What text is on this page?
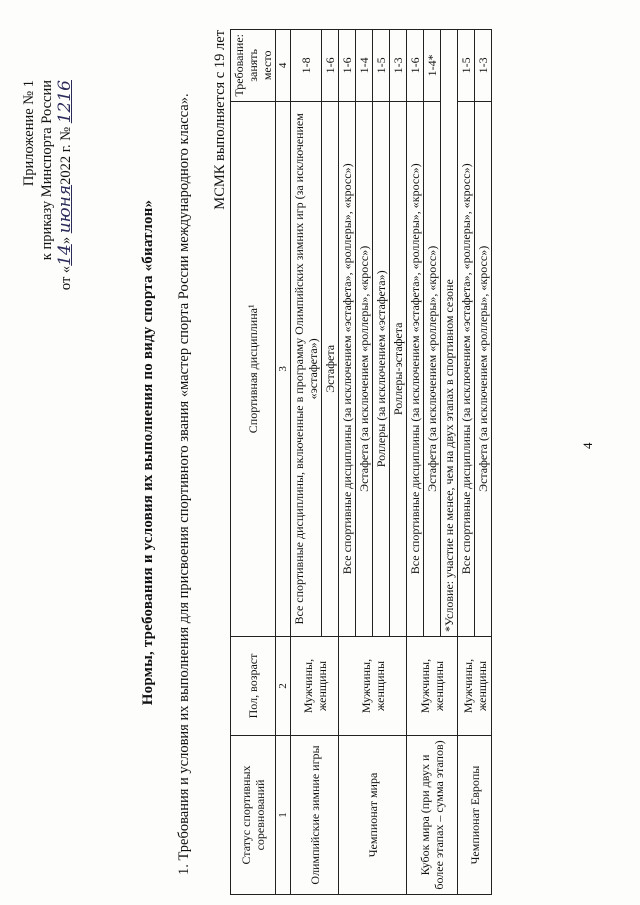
Приложение № 1 к приказу Минспорта России
от «14» июня2022 г. № 1216
4
Нормы, требования и условия их выполнения по виду спорта «биатлон» 1. Требования и условия их выполнения для присвоения спортивного звания «мастер спорта России международного класса». МСМК выполняется с 19 лет
Статус спортивных соревнований	Пол, возраст	Спортивная дисциплина¹	Требование: занять место
1	2	3	4
Олимпийские зимние игры	Мужчины, женщины	Все спортивные дисциплины, включенные в программу Олимпийских зимних игр (за исключением «эстафета»)	1-8
		Эстафета	1-6
Чемпионат мира	Мужчины, женщины	Все спортивные дисциплины (за исключением «эстафета», «роллеры», «кросс»)	1-6
		Эстафета (за исключением «роллеры», «кросс»)	1-4
		Роллеры (за исключением «эстафета»)	1-5
		Роллеры-эстафета	1-3
Кубок мира (при двух и более этапах – сумма этапов)	Мужчины, женщины	Все спортивные дисциплины (за исключением «эстафета», «роллеры», «кросс»)	1-6
		Эстафета (за исключением «роллеры», «кросс»)	1-4*
		*Условие: участие не менее, чем на двух этапах в спортивном сезоне	
Чемпионат Европы	Мужчины, женщины	Все спортивные дисциплины (за исключением «эстафета», «роллеры», «кросс»)	1-5
		Эстафета (за исключением «роллеры», «кросс»)	1-3
